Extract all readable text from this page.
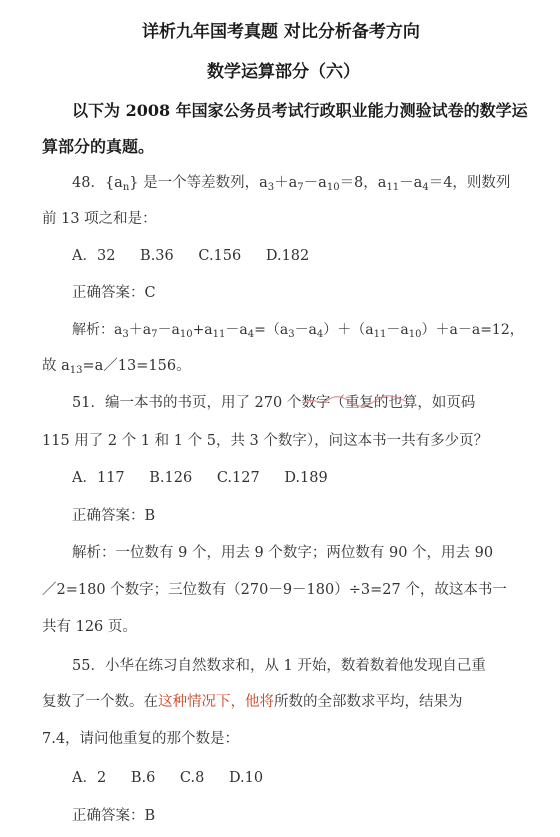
详析九年国考真题 对比分析备考方向
数学运算部分（六）
以下为 2008 年国家公务员考试行政职业能力测验试卷的数学运
算部分的真题。
48．$\{a_n\}$ 是一个等差数列，$a_3+a_7-a_{10}=8$，$a_{11}-a_4=4$，则数列
前 13 项之和是：
A．32 B.36 C.156 D.182
正确答案：C
解析：$a_3+a_7-a_{10}+a_{11}-a_4=(a_3-a_4)+(a_{11}-a_{10})+a-a=12$，
故 $a_{13}=a/13=156$。
51．编一本书的书页，用了 270 个数字（重复的也算，如页码
115 用了 2 个 1 和 1 个 5，共 3 个数字），问这本书一共有多少页？
A．117 B.126 C.127 D.189
正确答案：B
解析：一位数有 9 个，用去 9 个数字；两位数有 90 个，用去 90
／2=180 个数字；三位数有（270－9－180）÷3=27 个，故这本书一
共有 126 页。
55．小华在练习自然数求和，从 1 开始，数着数着他发现自己重
复数了一个数。在这种情况下，他将所数的全部数求平均，结果为
7.4，请问他重复的那个数是：
A．2 B.6 C.8 D.10
正确答案：B
